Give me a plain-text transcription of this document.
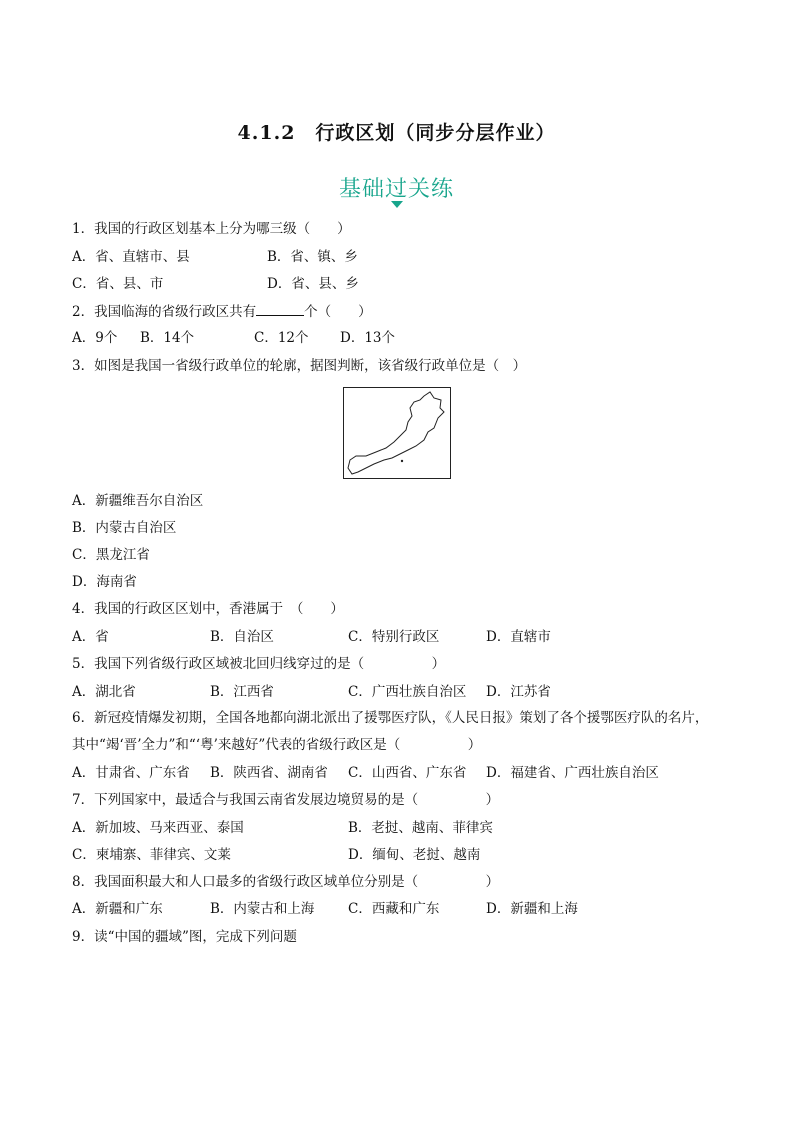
4.1.2　行政区划（同步分层作业）
基础过关练
1．我国的行政区划基本上分为哪三级（　　）
A．省、直辖市、县	B．省、镇、乡
C．省、县、市	D．省、县、乡
2．我国临海的省级行政区共有	个（　　）
A．9个 B．14个	C．12个 D．13个
3．如图是我国一省级行政单位的轮廓，据图判断，该省级行政单位是（　）
A．新疆维吾尔自治区
B．内蒙古自治区
C．黑龙江省
D．海南省
4．我国的行政区区划中，香港属于　（　　）
A．省	B．自治区	C．特别行政区	D．直辖市
5．我国下列省级行政区域被北回归线穿过的是（　　　　　）
A．湖北省	B．江西省	C．广西壮族自治区 D．江苏省
6．新冠疫情爆发初期，全国各地都向湖北派出了援鄂医疗队，《人民日报》策划了各个援鄂医疗队的名片，
其中“竭‘晋’全力”和“‘粤’来越好”代表的省级行政区是（　　　　　）
A．甘肃省、广东省 B．陕西省、湖南省 C．山西省、广东省 D．福建省、广西壮族自治区
7．下列国家中，最适合与我国云南省发展边境贸易的是（　　　　　）
A．新加坡、马来西亚、泰国	B．老挝、越南、菲律宾
C．柬埔寨、菲律宾、文莱	D．缅甸、老挝、越南
8．我国面积最大和人口最多的省级行政区域单位分别是（　　　　　）
A．新疆和广东	B．内蒙古和上海 C．西藏和广东	D．新疆和上海
9．读“中国的疆域”图，完成下列问题
